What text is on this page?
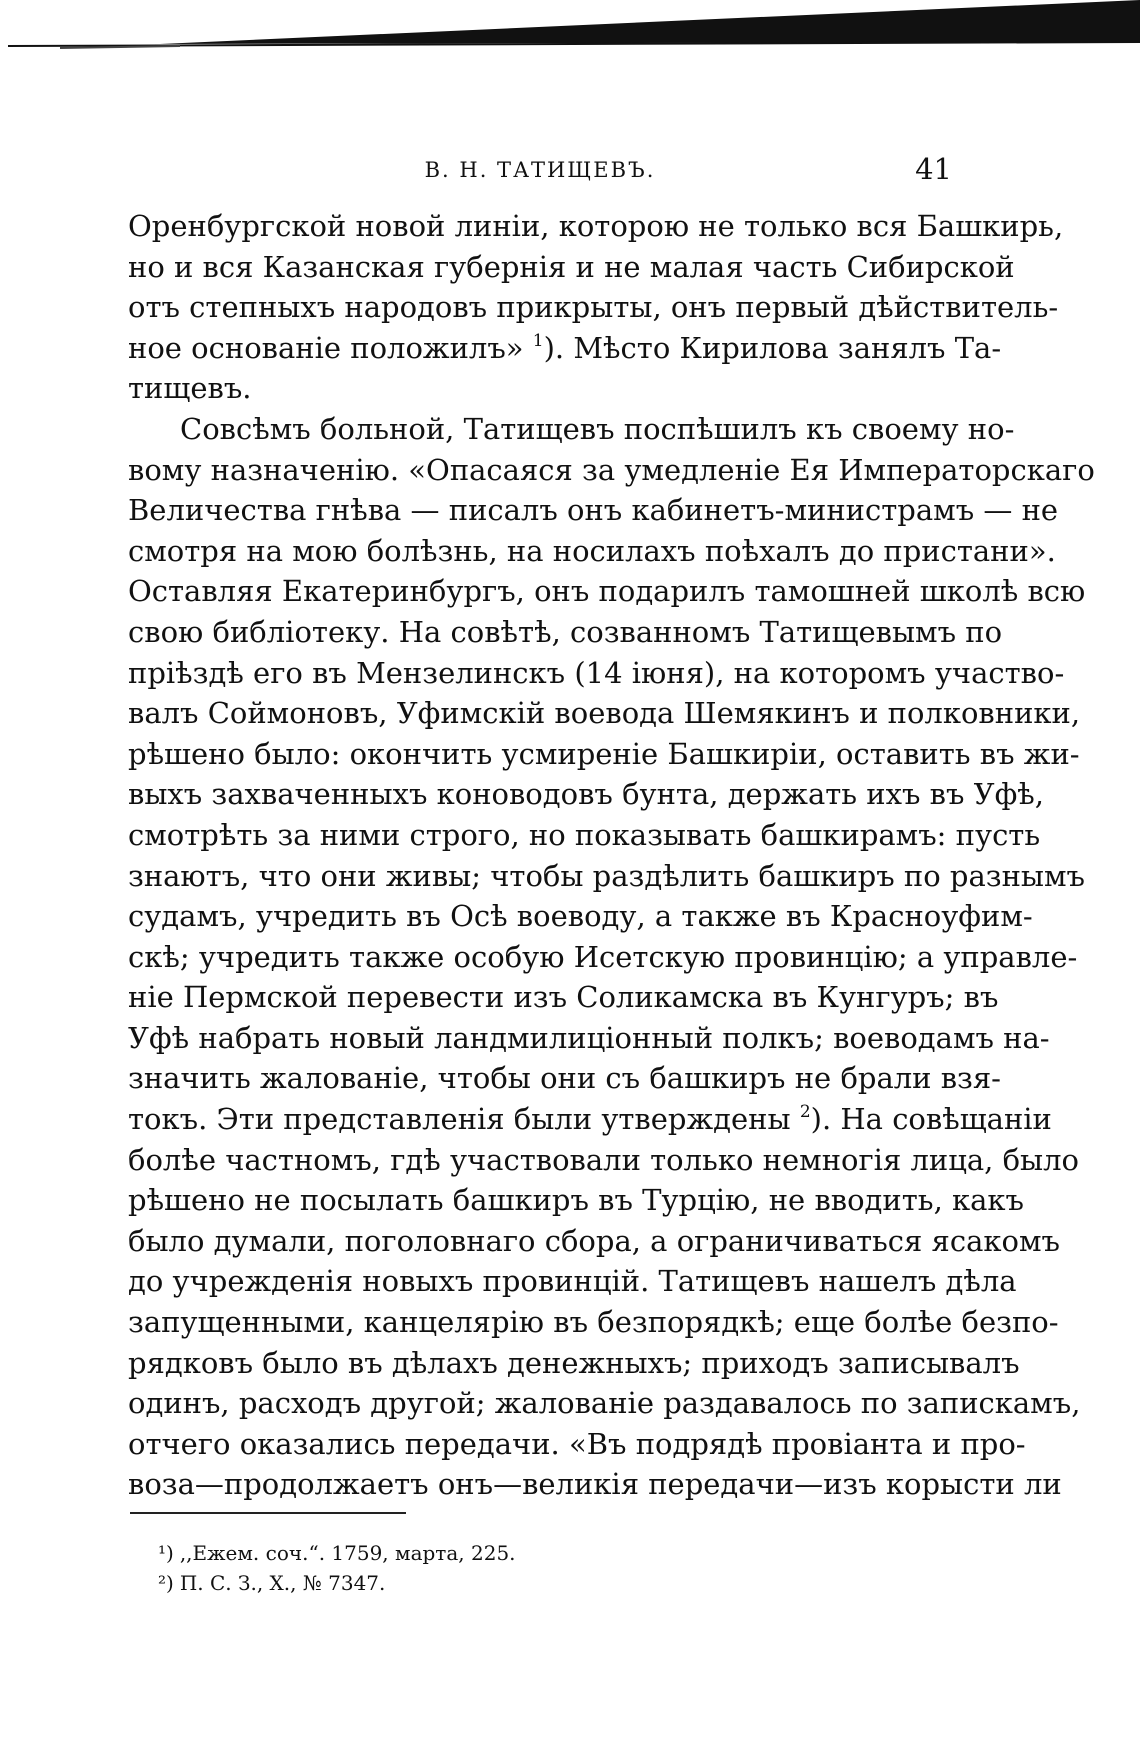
В. Н. ТАТИЩЕВЪ.	41
Оренбургской новой линіи, которою не только вся Башкирь,
но и вся Казанская губернія и не малая часть Сибирской
отъ степныхъ народовъ прикрыты, онъ первый дѣйствитель-
ное основаніе положилъ» $^1$). Мѣсто Кирилова занялъ Та-
тищевъ.
Совсѣмъ больной, Татищевъ поспѣшилъ къ своему но-
вому назначенію. «Опасаяся за умедленіе Ея Императорскаго
Величества гнѣва — писалъ онъ кабинетъ-министрамъ — не
смотря на мою болѣзнь, на носилахъ поѣхалъ до пристани».
Оставляя Екатеринбургъ, онъ подарилъ тамошней школѣ всю
свою библіотеку. На совѣтѣ, созванномъ Татищевымъ по
пріѣздѣ его въ Мензелинскъ (14 іюня), на которомъ участво-
валъ Соймоновъ, Уфимскій воевода Шемякинъ и полковники,
рѣшено было: окончить усмиреніе Башкиріи, оставить въ жи-
выхъ захваченныхъ коноводовъ бунта, держать ихъ въ Уфѣ,
смотрѣть за ними строго, но показывать башкирамъ: пусть
знаютъ, что они живы; чтобы раздѣлить башкиръ по разнымъ
судамъ, учредить въ Осѣ воеводу, а также въ Красноуфим-
скѣ; учредить также особую Исетскую провинцію; а управле-
ніе Пермской перевести изъ Соликамска въ Кунгуръ; въ
Уфѣ набрать новый ландмилиціонный полкъ; воеводамъ на-
значить жалованіе, чтобы они съ башкиръ не брали взя-
токъ. Эти представленія были утверждены $^2$). На совѣщаніи
болѣе частномъ, гдѣ участвовали только немногія лица, было
рѣшено не посылать башкиръ въ Турцію, не вводить, какъ
было думали, поголовнаго сбора, а ограничиваться ясакомъ
до учрежденія новыхъ провинцій. Татищевъ нашелъ дѣла
запущенными, канцелярію въ безпорядкѣ; еще болѣе безпо-
рядковъ было въ дѣлахъ денежныхъ; приходъ записывалъ
одинъ, расходъ другой; жалованіе раздавалось по запискамъ,
отчего оказались передачи. «Въ подрядѣ провіанта и про-
воза—продолжаетъ онъ—великія передачи—изъ корысти ли
¹) ,,Ежем. соч.“. 1759, марта, 225.
²) П. С. З., Х., № 7347.
